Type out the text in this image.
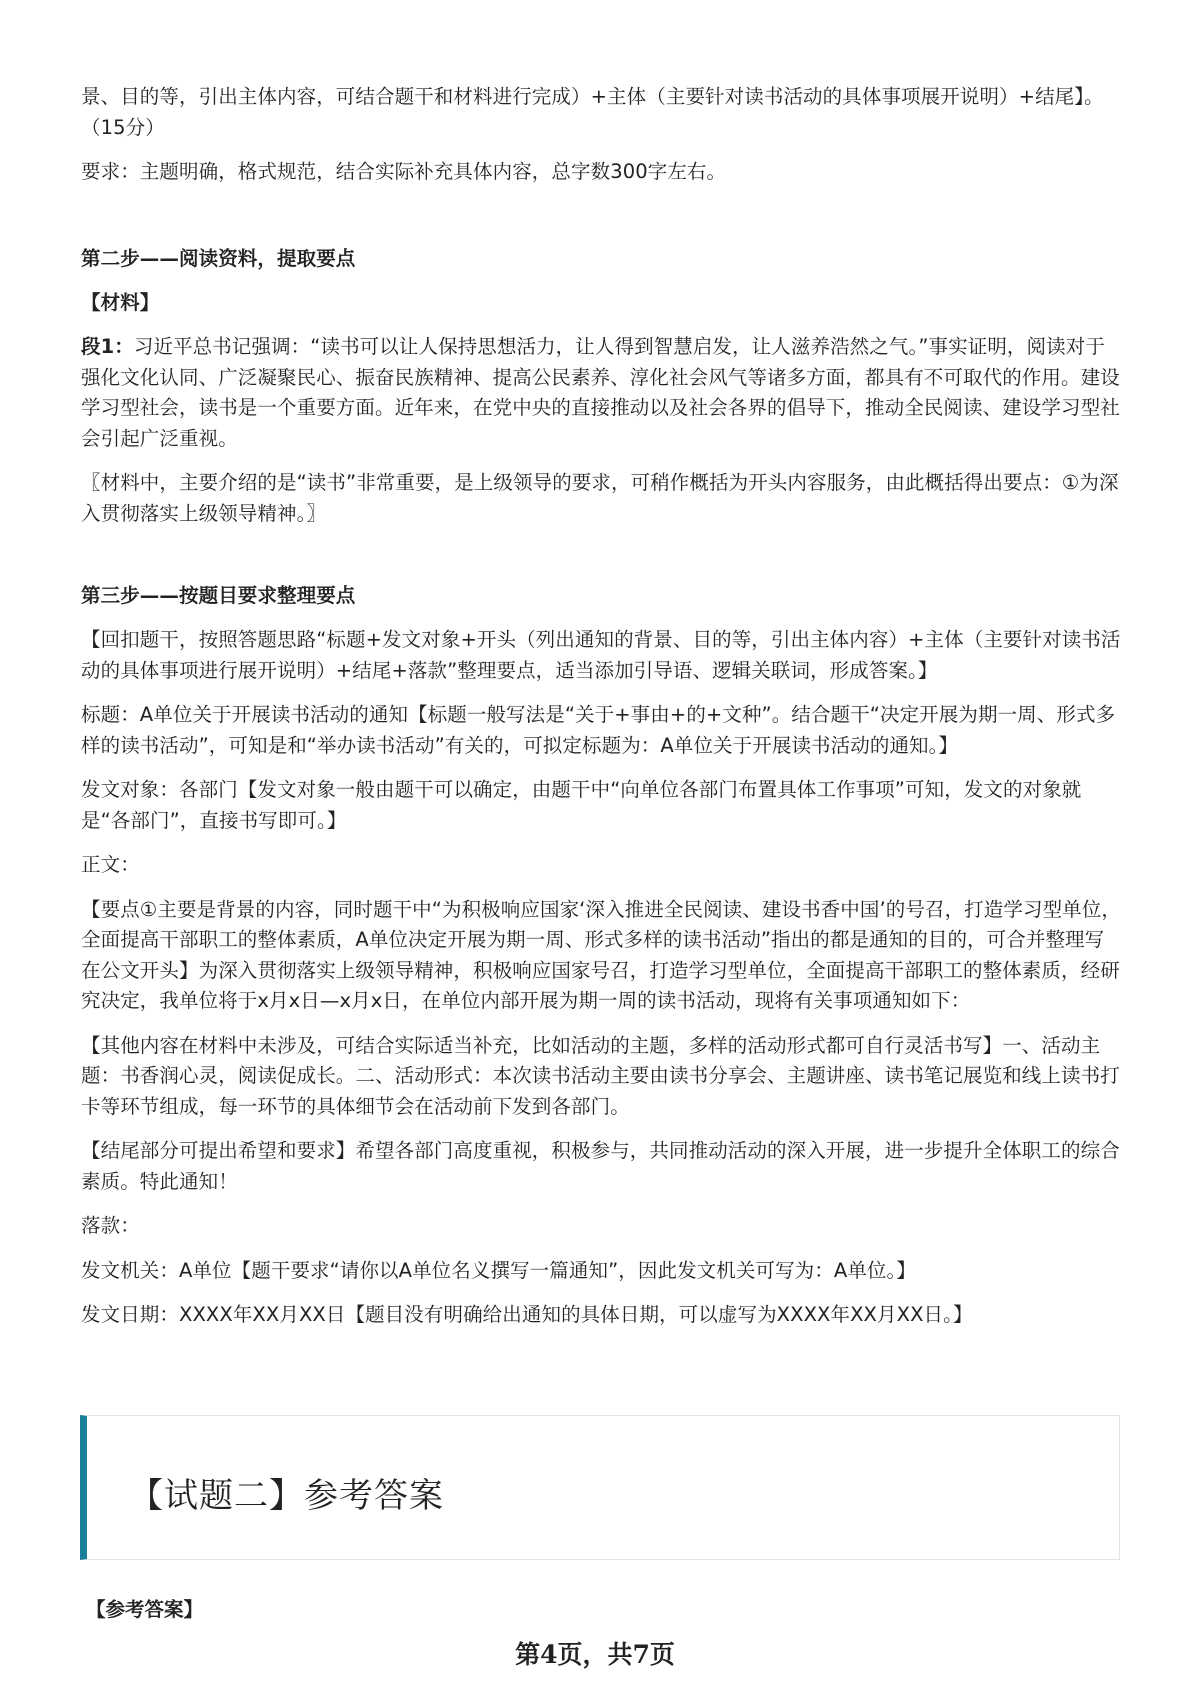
景、目的等，引出主体内容，可结合题干和材料进行完成）+主体（主要针对读书活动的具体事项展开说明）+结尾】。（15分）

要求：主题明确，格式规范，结合实际补充具体内容，总字数300字左右。

第二步——阅读资料，提取要点

【材料】

段1：习近平总书记强调：“读书可以让人保持思想活力，让人得到智慧启发，让人滋养浩然之气。”事实证明，阅读对于强化文化认同、广泛凝聚民心、振奋民族精神、提高公民素养、淳化社会风气等诸多方面，都具有不可取代的作用。建设学习型社会，读书是一个重要方面。近年来，在党中央的直接推动以及社会各界的倡导下，推动全民阅读、建设学习型社会引起广泛重视。

〖材料中，主要介绍的是“读书”非常重要，是上级领导的要求，可稍作概括为开头内容服务，由此概括得出要点：①为深入贯彻落实上级领导精神。〗

第三步——按题目要求整理要点

【回扣题干，按照答题思路“标题+发文对象+开头（列出通知的背景、目的等，引出主体内容）+主体（主要针对读书活动的具体事项进行展开说明）+结尾+落款”整理要点，适当添加引导语、逻辑关联词，形成答案。】

标题：A单位关于开展读书活动的通知【标题一般写法是“关于+事由+的+文种”。结合题干“决定开展为期一周、形式多样的读书活动”，可知是和“举办读书活动”有关的，可拟定标题为：A单位关于开展读书活动的通知。】

发文对象：各部门【发文对象一般由题干可以确定，由题干中“向单位各部门布置具体工作事项”可知，发文的对象就是“各部门”，直接书写即可。】

正文：

【要点①主要是背景的内容，同时题干中“为积极响应国家‘深入推进全民阅读、建设书香中国’的号召，打造学习型单位，全面提高干部职工的整体素质，A单位决定开展为期一周、形式多样的读书活动”指出的都是通知的目的，可合并整理写在公文开头】为深入贯彻落实上级领导精神，积极响应国家号召，打造学习型单位，全面提高干部职工的整体素质，经研究决定，我单位将于x月x日—x月x日，在单位内部开展为期一周的读书活动，现将有关事项通知如下：

【其他内容在材料中未涉及，可结合实际适当补充，比如活动的主题，多样的活动形式都可自行灵活书写】一、活动主题：书香润心灵，阅读促成长。二、活动形式：本次读书活动主要由读书分享会、主题讲座、读书笔记展览和线上读书打卡等环节组成，每一环节的具体细节会在活动前下发到各部门。

【结尾部分可提出希望和要求】希望各部门高度重视，积极参与，共同推动活动的深入开展，进一步提升全体职工的综合素质。特此通知！

落款：

发文机关：A单位【题干要求“请你以A单位名义撰写一篇通知”，因此发文机关可写为：A单位。】

发文日期：XXXX年XX月XX日【题目没有明确给出通知的具体日期，可以虚写为XXXX年XX月XX日。】

【试题二】参考答案
【参考答案】
第4页，共7页
